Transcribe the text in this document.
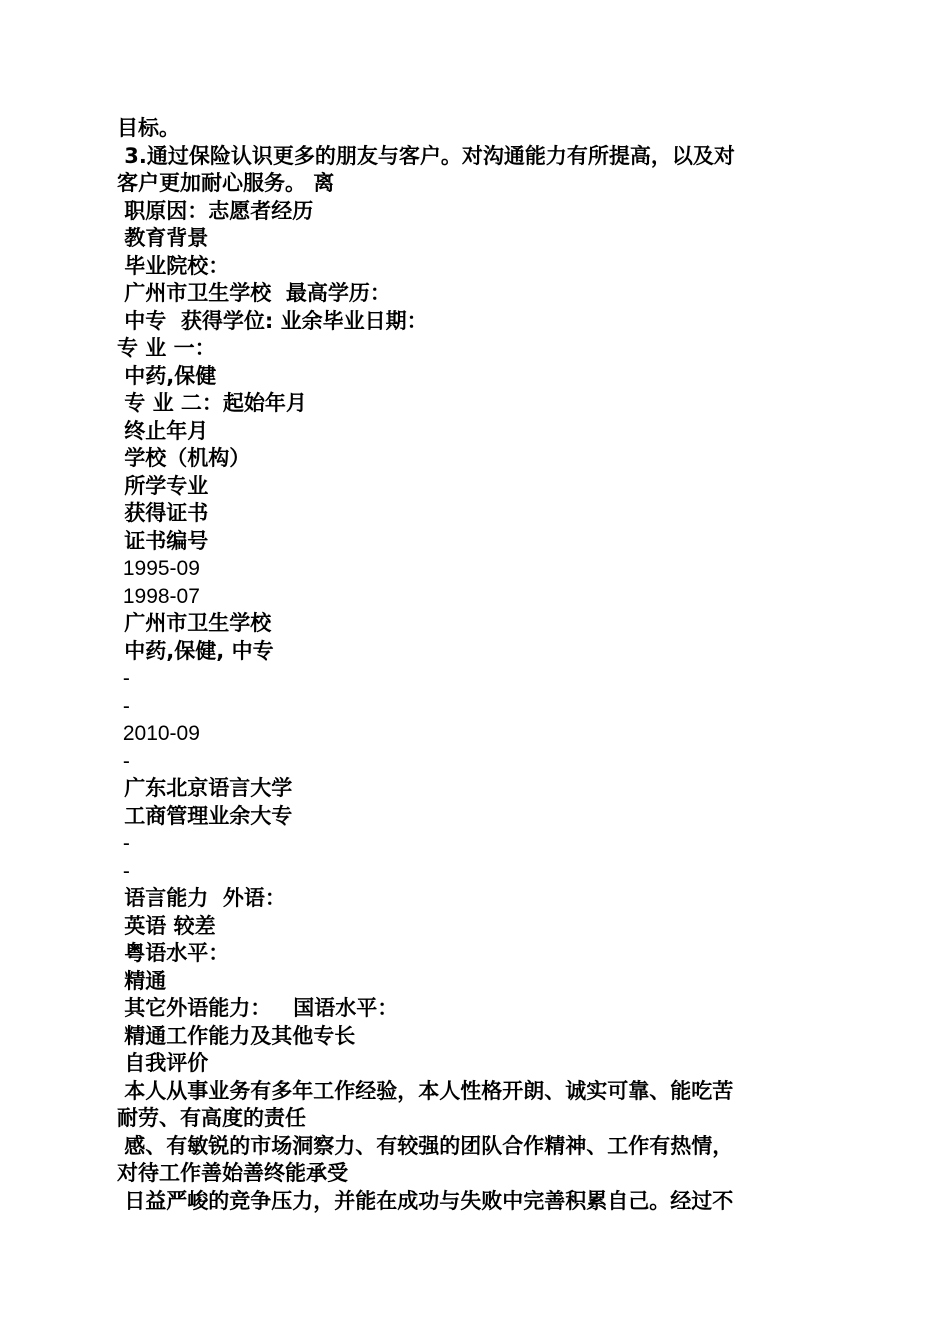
目标。
3.通过保险认识更多的朋友与客户。对沟通能力有所提高，以及对
客户更加耐心服务。 离
职原因：志愿者经历
教育背景
毕业院校：
广州市卫生学校  最高学历：
中专  获得学位: 业余毕业日期：
专 业 一：
中药,保健
专 业 二：起始年月
终止年月
学校（机构）
所学专业
获得证书
证书编号
1995-09
1998-07
广州市卫生学校
中药,保健, 中专
-
-
2010-09
-
广东北京语言大学
工商管理业余大专
-
-
语言能力  外语：
英语 较差
粤语水平：
精通
其它外语能力：   国语水平：
精通工作能力及其他专长
自我评价
本人从事业务有多年工作经验，本人性格开朗、诚实可靠、能吃苦
耐劳、有高度的责任
感、有敏锐的市场洞察力、有较强的团队合作精神、工作有热情，
对待工作善始善终能承受
日益严峻的竞争压力，并能在成功与失败中完善积累自己。经过不
